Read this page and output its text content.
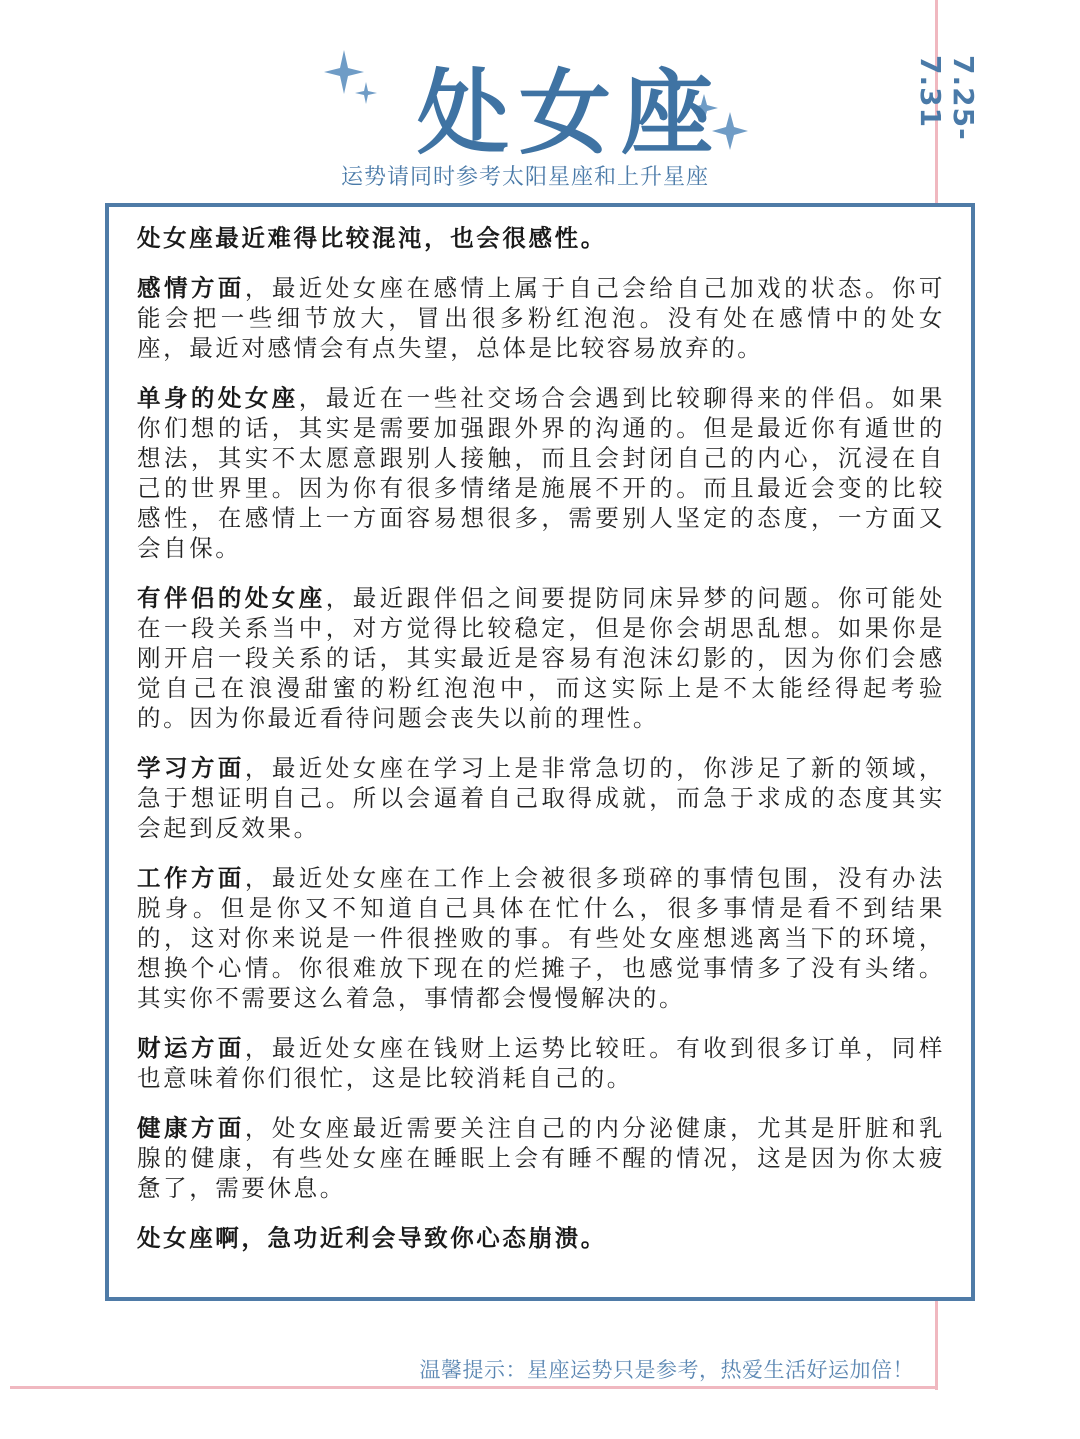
处女座
运势请同时参考太阳星座和上升星座
7.25-7.31

处女座最近难得比较混沌，也会很感性。

感情方面，最近处女座在感情上属于自己会给自己加戏的状态。你可能会把一些细节放大，冒出很多粉红泡泡。没有处在感情中的处女座，最近对感情会有点失望，总体是比较容易放弃的。

单身的处女座，最近在一些社交场合会遇到比较聊得来的伴侣。如果你们想的话，其实是需要加强跟外界的沟通的。但是最近你有遁世的想法，其实不太愿意跟别人接触，而且会封闭自己的内心，沉浸在自己的世界里。因为你有很多情绪是施展不开的。而且最近会变的比较感性，在感情上一方面容易想很多，需要别人坚定的态度，一方面又会自保。

有伴侣的处女座，最近跟伴侣之间要提防同床异梦的问题。你可能处在一段关系当中，对方觉得比较稳定，但是你会胡思乱想。如果你是刚开启一段关系的话，其实最近是容易有泡沫幻影的，因为你们会感觉自己在浪漫甜蜜的粉红泡泡中，而这实际上是不太能经得起考验的。因为你最近看待问题会丧失以前的理性。

学习方面，最近处女座在学习上是非常急切的，你涉足了新的领域，急于想证明自己。所以会逼着自己取得成就，而急于求成的态度其实会起到反效果。

工作方面，最近处女座在工作上会被很多琐碎的事情包围，没有办法脱身。但是你又不知道自己具体在忙什么，很多事情是看不到结果的，这对你来说是一件很挫败的事。有些处女座想逃离当下的环境，想换个心情。你很难放下现在的烂摊子，也感觉事情多了没有头绪。其实你不需要这么着急，事情都会慢慢解决的。

财运方面，最近处女座在钱财上运势比较旺。有收到很多订单，同样也意味着你们很忙，这是比较消耗自己的。

健康方面，处女座最近需要关注自己的内分泌健康，尤其是肝脏和乳腺的健康，有些处女座在睡眠上会有睡不醒的情况，这是因为你太疲惫了，需要休息。

处女座啊，急功近利会导致你心态崩溃。

温馨提示：星座运势只是参考，热爱生活好运加倍！
